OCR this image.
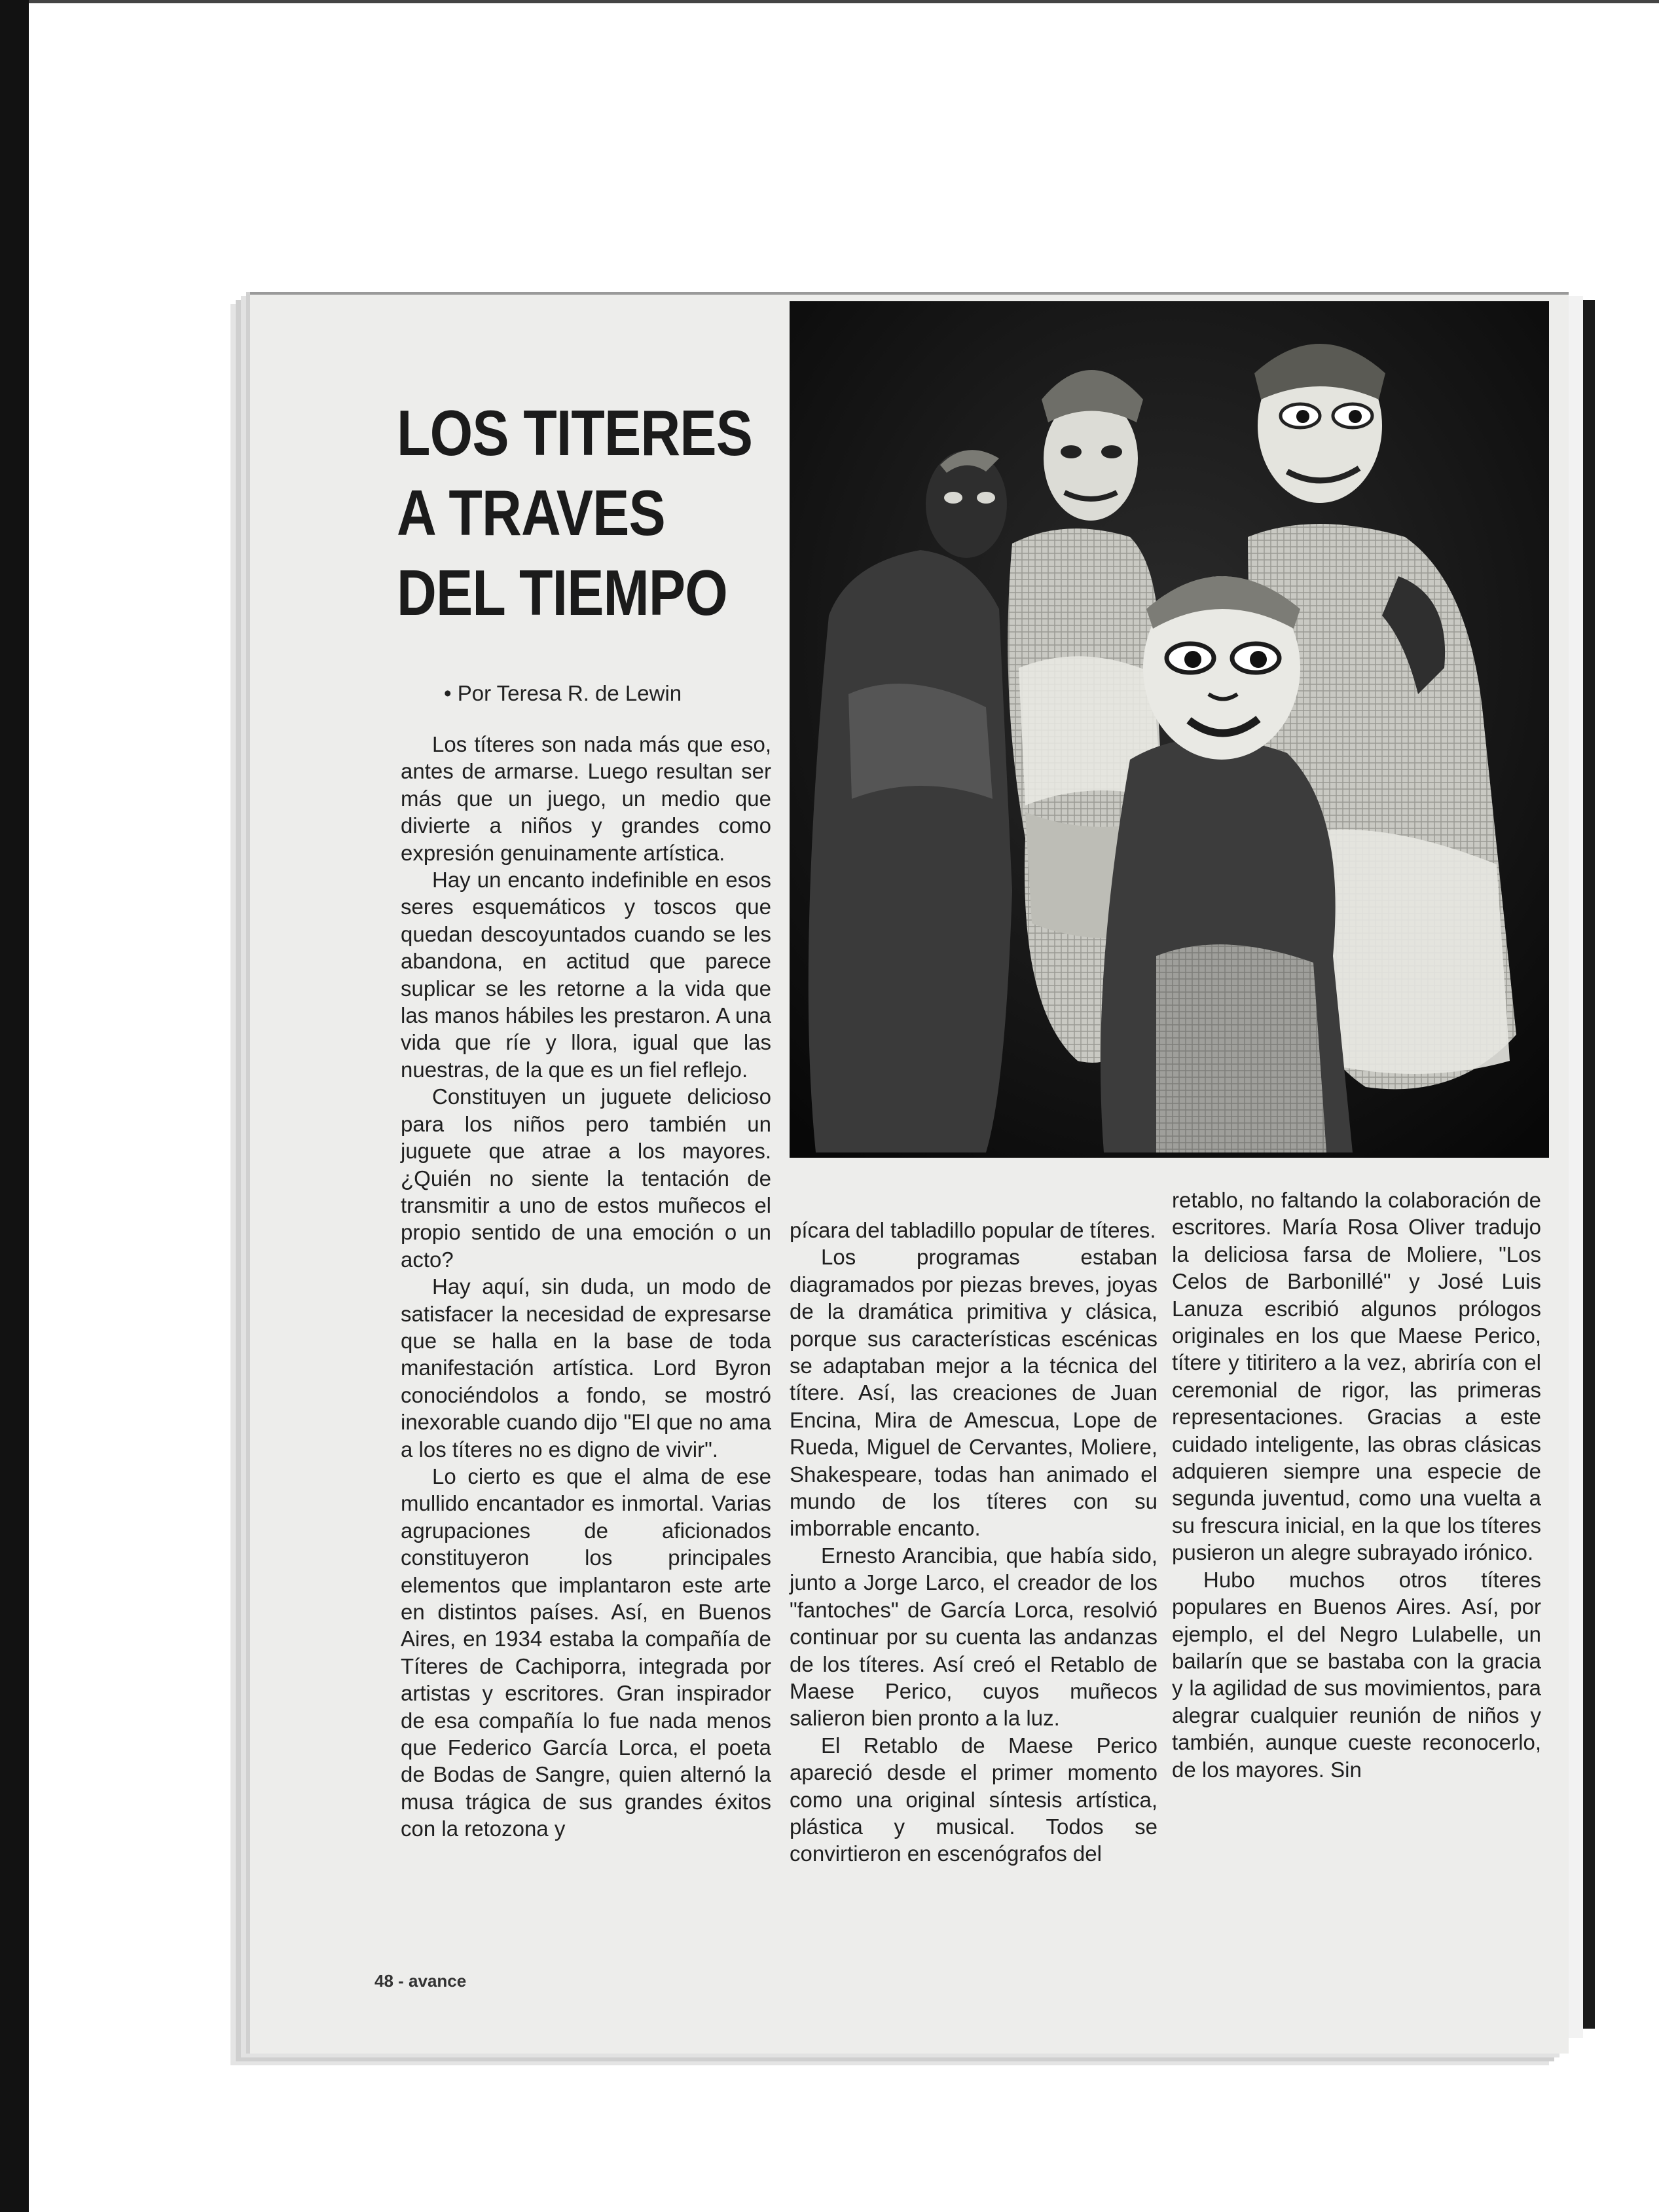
LOS TITERES
A TRAVES
DEL TIEMPO
• Por Teresa R. de Lewin

Los títeres son nada más que eso, antes de armarse. Luego resultan ser más que un juego, un medio que divierte a niños y grandes como expresión genuinamente artística.

Hay un encanto indefinible en esos seres esquemáticos y toscos que quedan descoyuntados cuando se les abandona, en actitud que parece suplicar se les retorne a la vida que las manos hábiles les prestaron. A una vida que ríe y llora, igual que las nuestras, de la que es un fiel reflejo.

Constituyen un juguete delicioso para los niños pero también un juguete que atrae a los mayores. ¿Quién no siente la tentación de transmitir a uno de estos muñecos el propio sentido de una emoción o un acto?

Hay aquí, sin duda, un modo de satisfacer la necesidad de expresarse que se halla en la base de toda manifestación artística. Lord Byron conociéndolos a fondo, se mostró inexorable cuando dijo "El que no ama a los títeres no es digno de vivir".

Lo cierto es que el alma de ese mullido encantador es inmortal. Varias agrupaciones de aficionados constituyeron los principales elementos que implantaron este arte en distintos países. Así, en Buenos Aires, en 1934 estaba la compañía de Títeres de Cachiporra, integrada por artistas y escritores. Gran inspirador de esa compañía lo fue nada menos que Federico García Lorca, el poeta de Bodas de Sangre, quien alternó la musa trágica de sus grandes éxitos con la retozona y

pícara del tabladillo popular de títeres.

Los programas estaban diagramados por piezas breves, joyas de la dramática primitiva y clásica, porque sus características escénicas se adaptaban mejor a la técnica del títere. Así, las creaciones de Juan Encina, Mira de Amescua, Lope de Rueda, Miguel de Cervantes, Moliere, Shakespeare, todas han animado el mundo de los títeres con su imborrable encanto.

Ernesto Arancibia, que había sido, junto a Jorge Larco, el creador de los "fantoches" de García Lorca, resolvió continuar por su cuenta las andanzas de los títeres. Así creó el Retablo de Maese Perico, cuyos muñecos salieron bien pronto a la luz.

El Retablo de Maese Perico apareció desde el primer momento como una original síntesis artística, plástica y musical. Todos se convirtieron en escenógrafos del

retablo, no faltando la colaboración de escritores. María Rosa Oliver tradujo la deliciosa farsa de Moliere, "Los Celos de Barbonillé" y José Luis Lanuza escribió algunos prólogos originales en los que Maese Perico, títere y titiritero a la vez, abriría con el ceremonial de rigor, las primeras representaciones. Gracias a este cuidado inteligente, las obras clásicas adquieren siempre una especie de segunda juventud, como una vuelta a su frescura inicial, en la que los títeres pusieron un alegre subrayado irónico.

Hubo muchos otros títeres populares en Buenos Aires. Así, por ejemplo, el del Negro Lulabelle, un bailarín que se bastaba con la gracia y la agilidad de sus movimientos, para alegrar cualquier reunión de niños y también, aunque cueste reconocerlo, de los mayores. Sin

48 - avance
